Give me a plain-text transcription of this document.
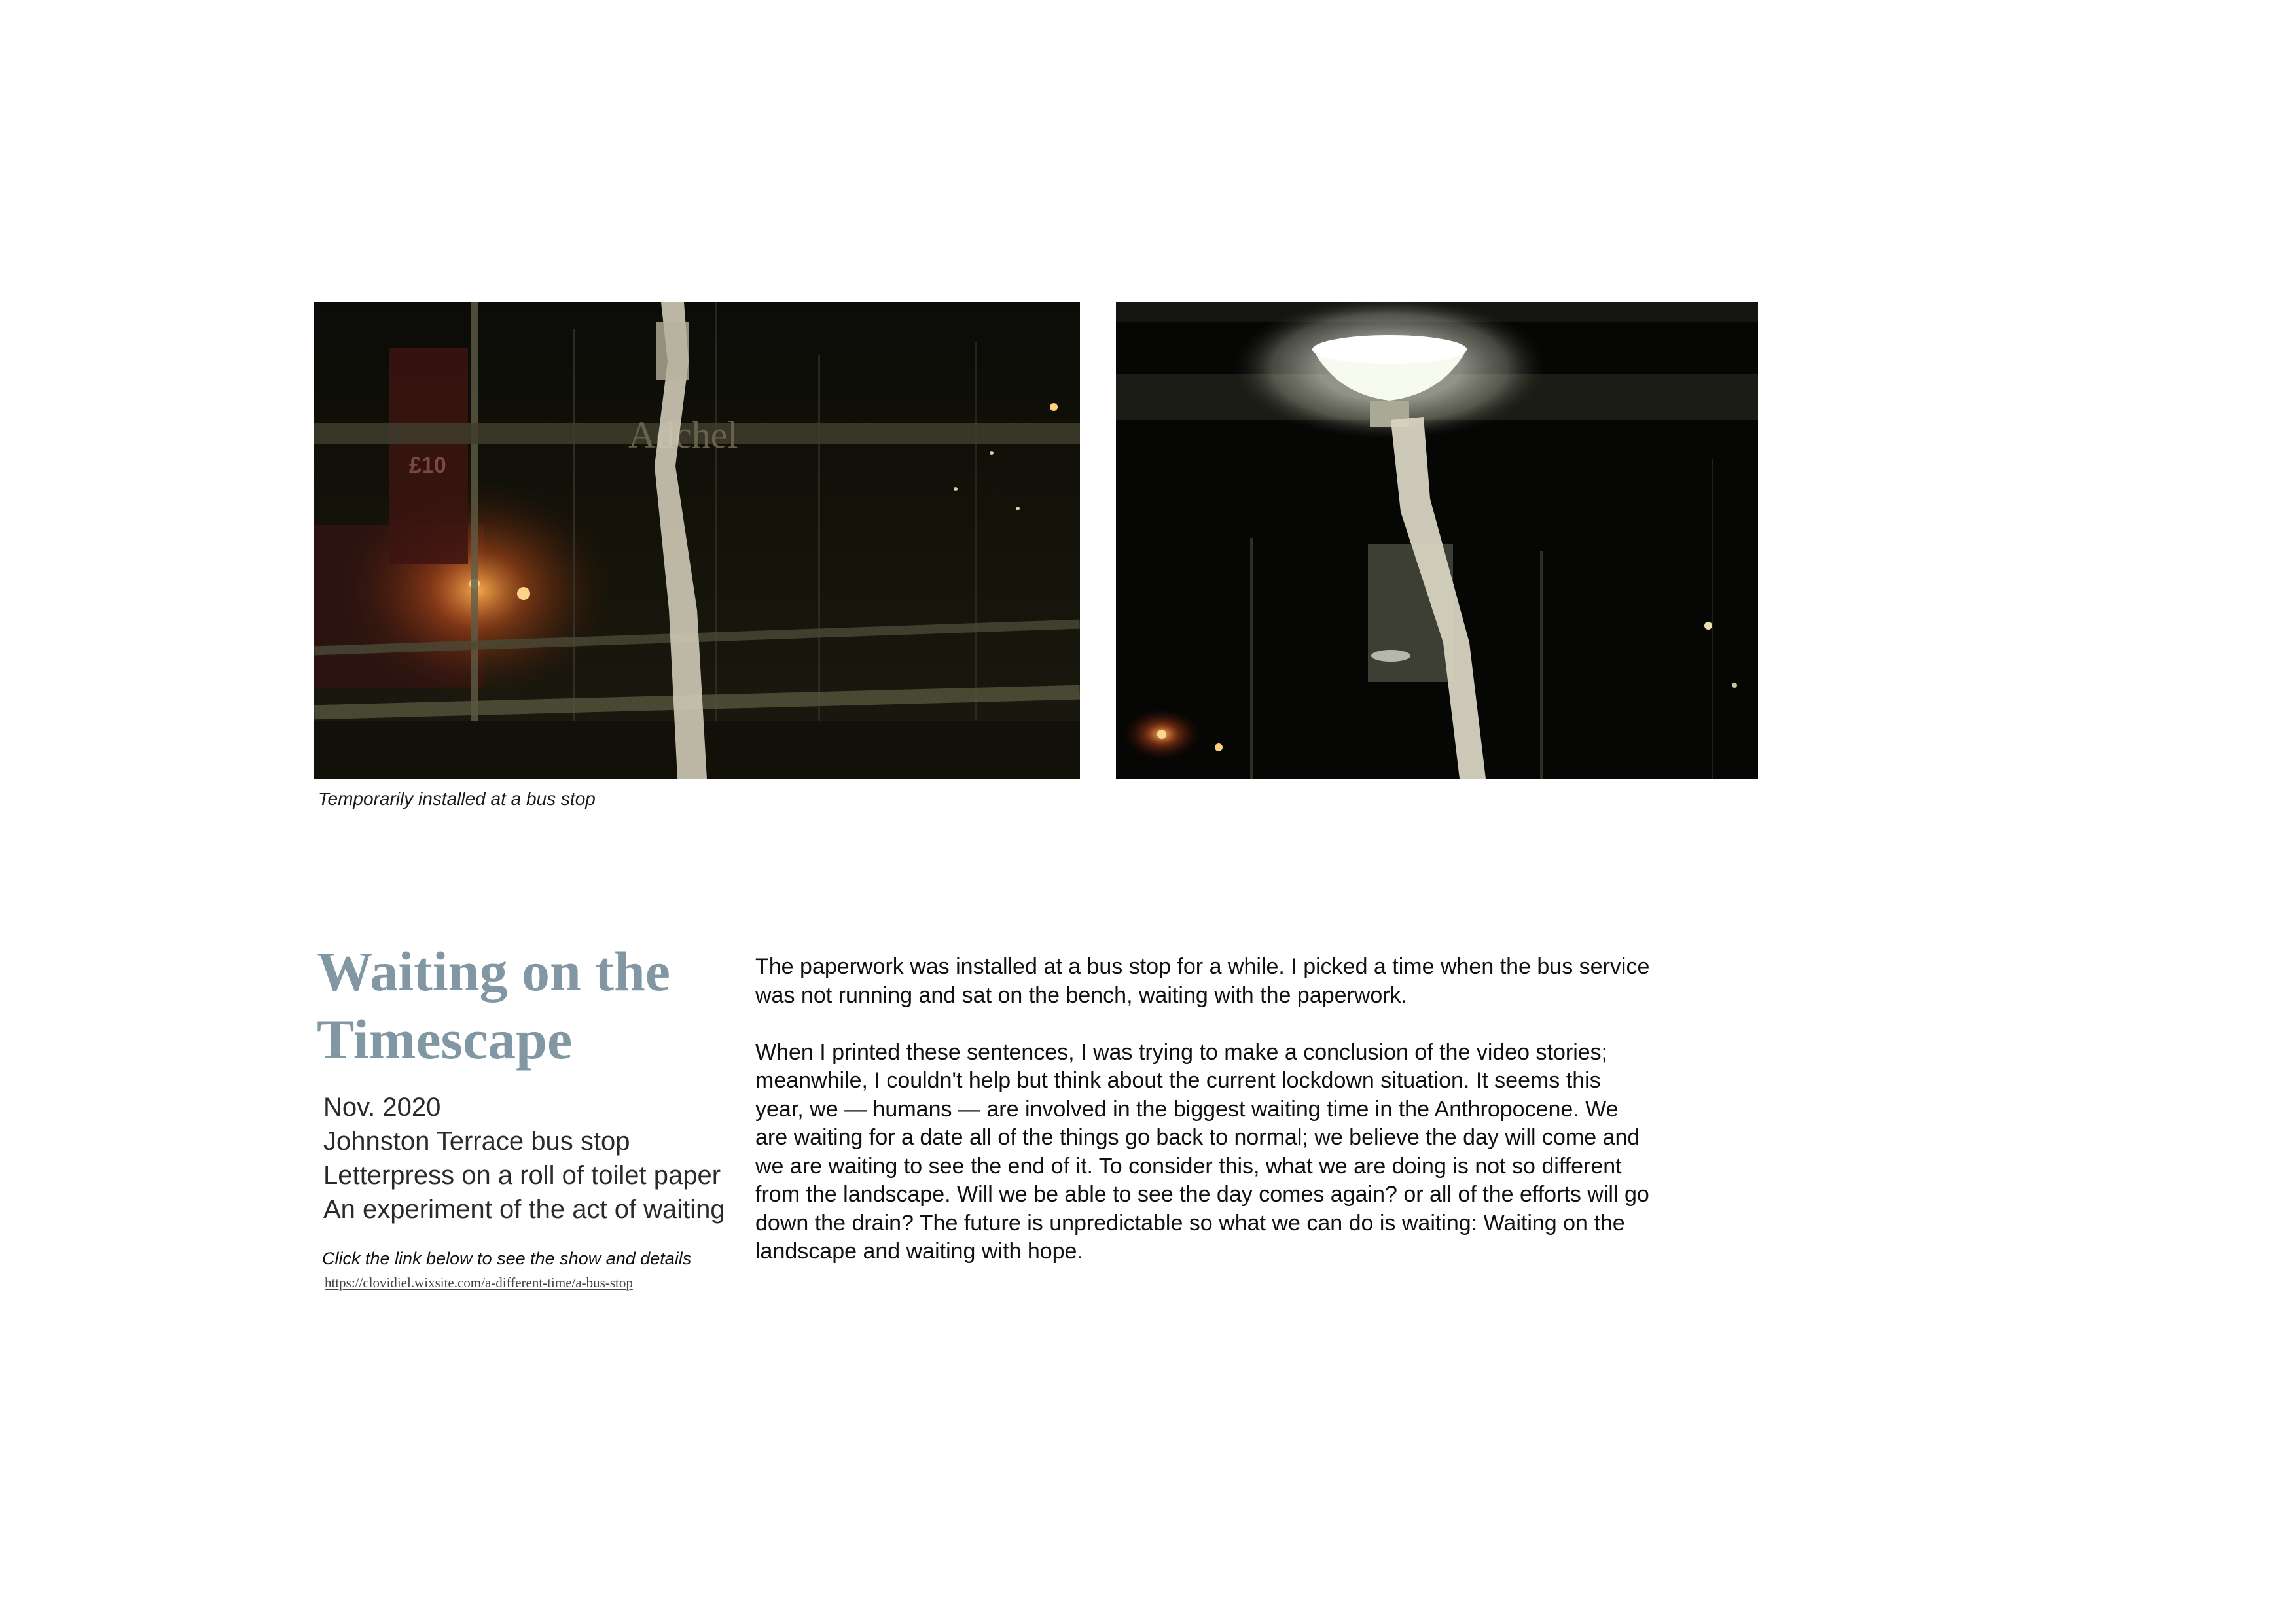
£10
Adchel
Temporarily installed at a bus stop
Waiting on the Timescape
Nov. 2020
Johnston Terrace bus stop
Letterpress on a roll of toilet paper
An experiment of the act of waiting
Click the link below to see the show and details
https://clovidiel.wixsite.com/a-different-time/a-bus-stop

The paperwork was installed at a bus stop for a while. I picked a time when the bus service was not running and sat on the bench, waiting with the paperwork.

When I printed these sentences, I was trying to make a conclusion of the video stories; meanwhile, I couldn't help but think about the current lockdown situation. It seems this year, we — humans — are involved in the biggest waiting time in the Anthropocene. We are waiting for a date all of the things go back to normal; we believe the day will come and we are waiting to see the end of it. To consider this, what we are doing is not so different from the landscape. Will we be able to see the day comes again? or all of the efforts will go down the drain? The future is unpredictable so what we can do is waiting: Waiting on the landscape and waiting with hope.
